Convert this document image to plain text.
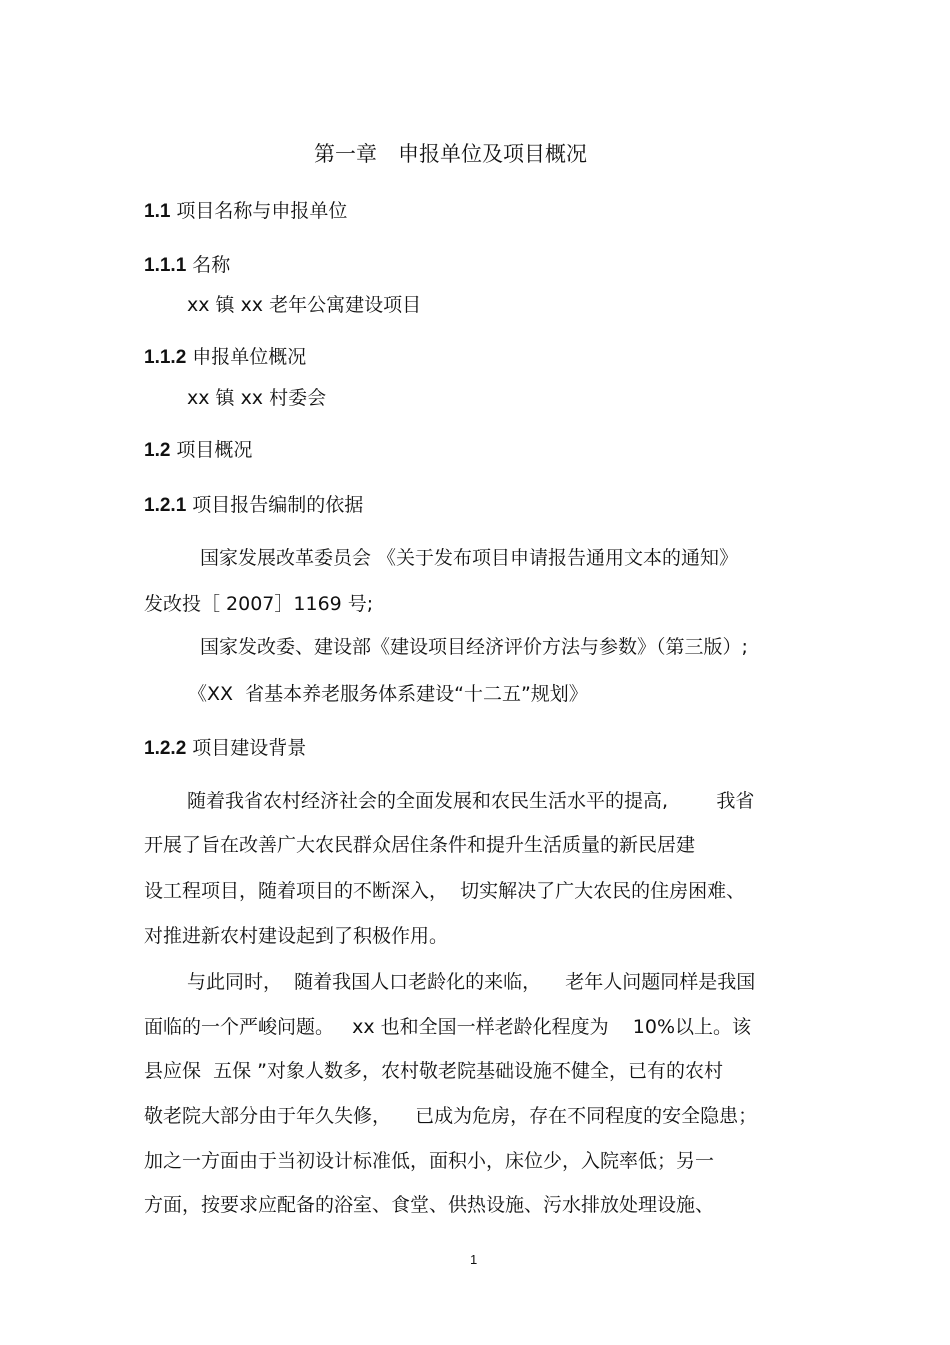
第一章　申报单位及项目概况
1.1 项目名称与申报单位
1.1.1 名称
xx 镇 xx 老年公寓建设项目
1.1.2 申报单位概况
xx 镇 xx 村委会
1.2 项目概况
1.2.1 项目报告编制的依据
国家发展改革委员会 《关于发布项目申请报告通用文本的通知》
发改投［ 2007］1169 号;
国家发改委、建设部《建设项目经济评价方法与参数》（第三版）;
《XX  省基本养老服务体系建设“十二五”规划》
1.2.2 项目建设背景
随着我省农村经济社会的全面发展和农民生活水平的提高,        我省
开展了旨在改善广大农民群众居住条件和提升生活质量的新民居建
设工程项目，随着项目的不断深入，  切实解决了广大农民的住房困难、
对推进新农村建设起到了积极作用。
与此同时，  随着我国人口老龄化的来临，    老年人问题同样是我国
面临的一个严峻问题。   xx 也和全国一样老龄化程度为    10%以上。该
县应保  五保 ”对象人数多，农村敬老院基础设施不健全，已有的农村
敬老院大部分由于年久失修，    已成为危房，存在不同程度的安全隐患；
加之一方面由于当初设计标准低，面积小，床位少，入院率低；另一
方面，按要求应配备的浴室、食堂、供热设施、污水排放处理设施、
1
